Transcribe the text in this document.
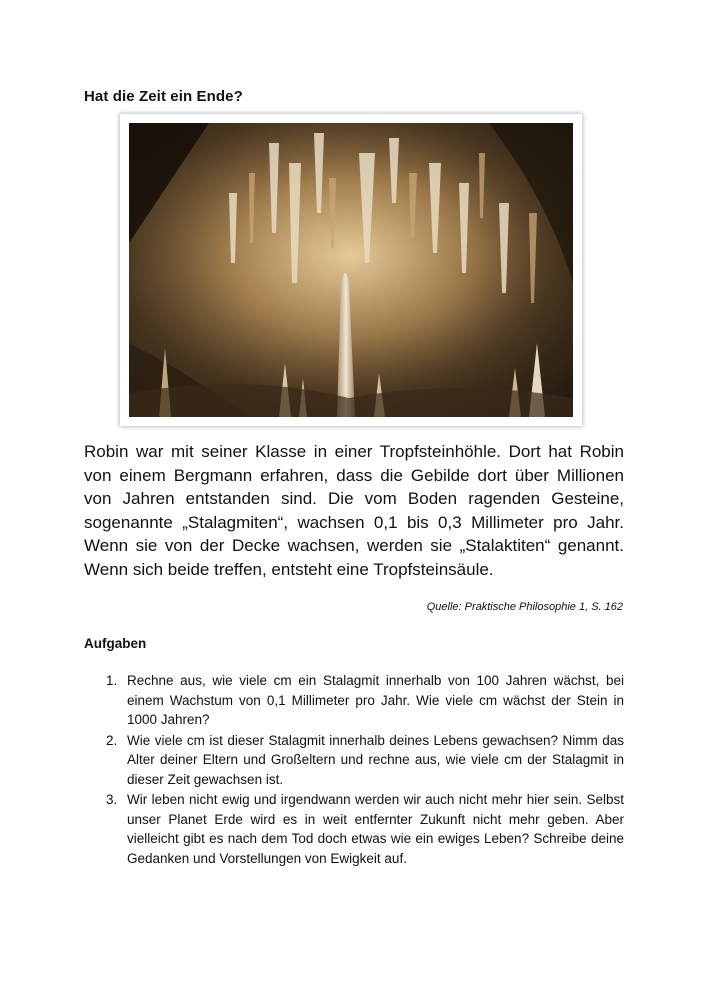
Hat die Zeit ein Ende?

Robin war mit seiner Klasse in einer Tropfsteinhöhle. Dort hat Robin von einem Bergmann erfahren, dass die Gebilde dort über Millionen von Jahren entstanden sind. Die vom Boden ragenden Gesteine, sogenannte „Stalagmiten“, wachsen 0,1 bis 0,3 Millimeter pro Jahr. Wenn sie von der Decke wachsen, werden sie „Stalaktiten“ genannt. Wenn sich beide treffen, entsteht eine Tropfsteinsäule.

Quelle: Praktische Philosophie 1, S. 162

Aufgaben
1. Rechne aus, wie viele cm ein Stalagmit innerhalb von 100 Jahren wächst, bei einem Wachstum von 0,1 Millimeter pro Jahr. Wie viele cm wächst der Stein in 1000 Jahren?
2. Wie viele cm ist dieser Stalagmit innerhalb deines Lebens gewachsen? Nimm das Alter deiner Eltern und Großeltern und rechne aus, wie viele cm der Stalagmit in dieser Zeit gewachsen ist.
3. Wir leben nicht ewig und irgendwann werden wir auch nicht mehr hier sein. Selbst unser Planet Erde wird es in weit entfernter Zukunft nicht mehr geben. Aber vielleicht gibt es nach dem Tod doch etwas wie ein ewiges Leben? Schreibe deine Gedanken und Vorstellungen von Ewigkeit auf.
